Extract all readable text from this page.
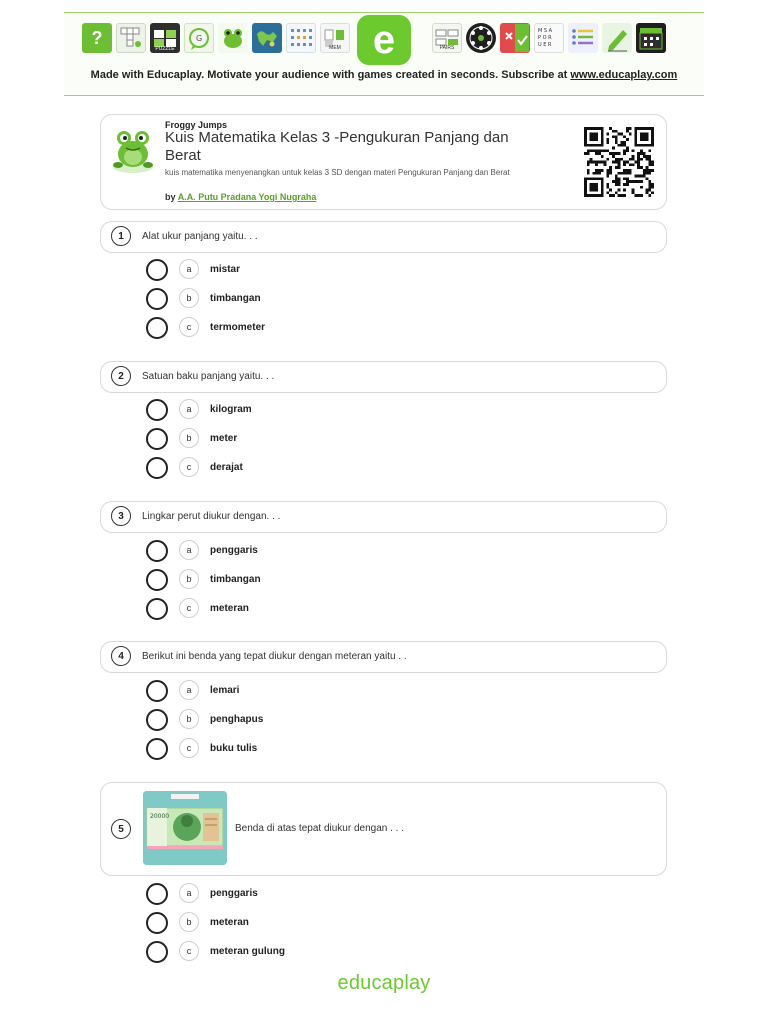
?
PUZZLE
G
MEM e	PAIRS
M S A
P O R
U E R
Made with Educaplay. Motivate your audience with games created in seconds. Subscribe at www.educaplay.com
Froggy Jumps
Kuis Matematika Kelas 3 -Pengukuran Panjang dan Berat
kuis matematika menyenangkan untuk kelas 3 SD dengan materi Pengukuran Panjang dan Berat
by A.A. Putu Pradana Yogi Nugraha
1	Alat ukur panjang yaitu. . .
a	mistar
b	timbangan
c	termometer
2	Satuan baku panjang yaitu. . .
a	kilogram
b	meter
c	derajat
3	Lingkar perut diukur dengan. . .
a	penggaris
b	timbangan
c	meteran
4	Berikut ini benda yang tepat diukur dengan meteran yaitu . .
a	lemari
b	penghapus
c	buku tulis
5
20000
Benda di atas tepat diukur dengan . . .
a	penggaris
b	meteran
c	meteran gulung
educaplay
